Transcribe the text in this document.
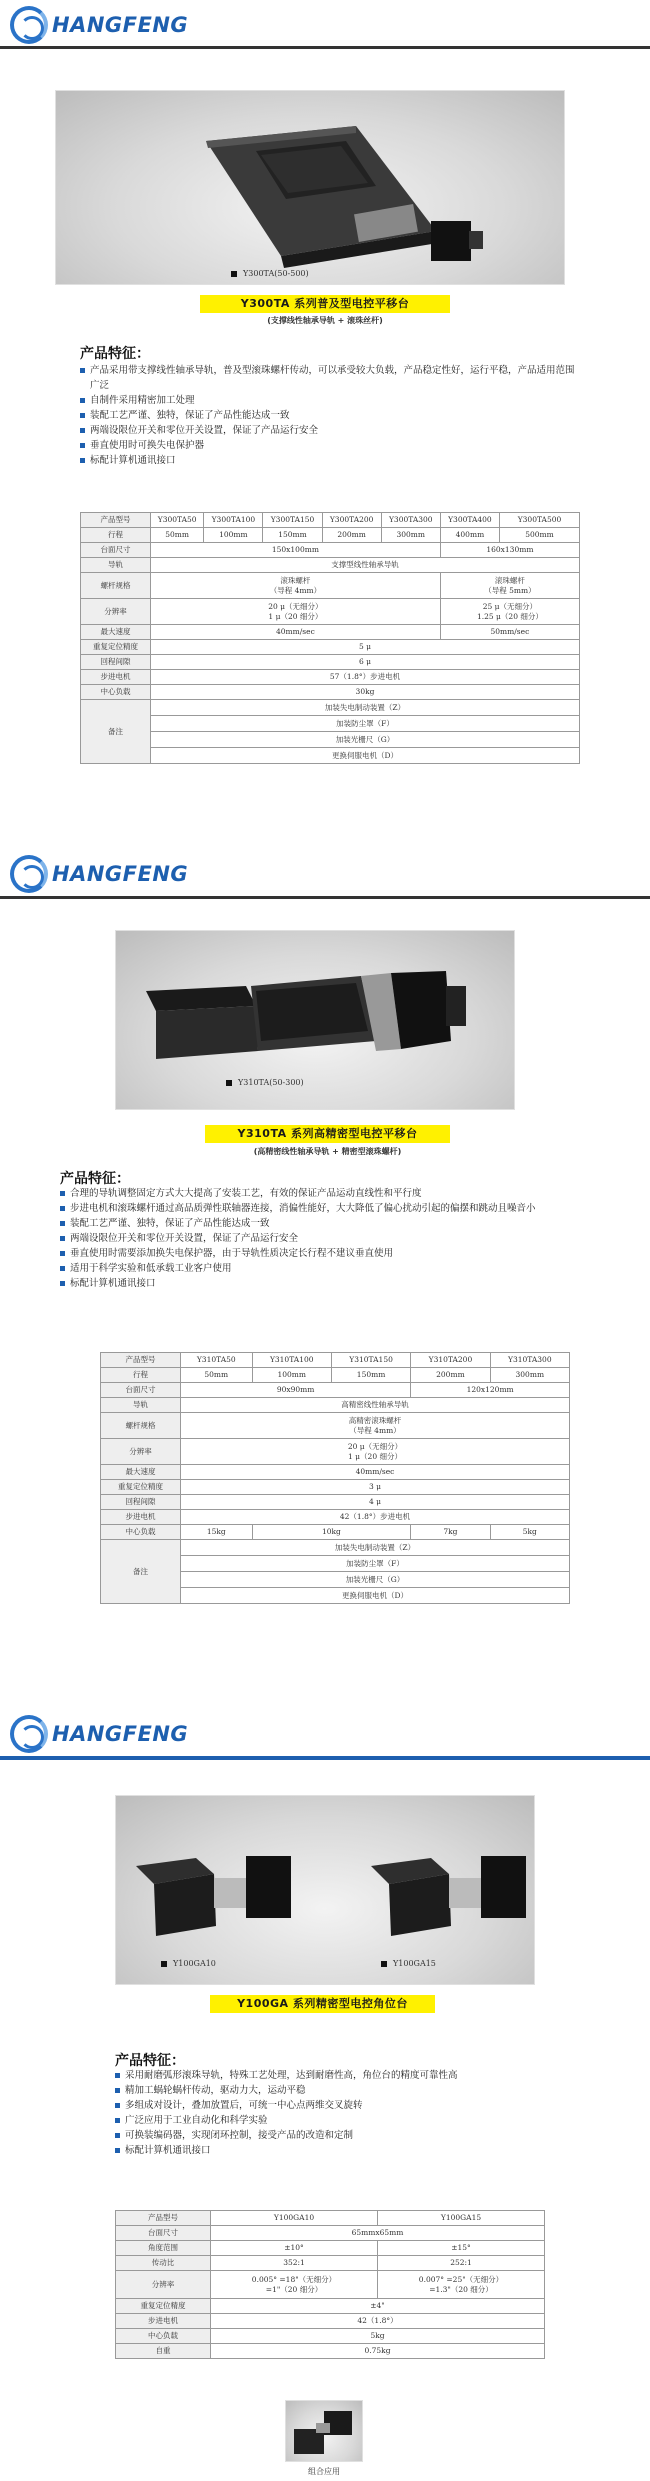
HANGFENG
Y300TA(50-500)
Y300TA 系列普及型电控平移台
(支撑线性轴承导轨 + 滚珠丝杆)
产品特征：
产品采用带支撑线性轴承导轨，普及型滚珠螺杆传动，可以承受较大负载，产品稳定性好，运行平稳，产品适用范围广泛
自制件采用精密加工处理
装配工艺严谨、独特，保证了产品性能达成一致
两端设限位开关和零位开关设置，保证了产品运行安全
垂直使用时可换失电保护器
标配计算机通讯接口
产品型号	Y300TA50	Y300TA100	Y300TA150	Y300TA200	Y300TA300	Y300TA400	Y300TA500
行程	50mm	100mm	150mm	200mm	300mm	400mm	500mm
台面尺寸	150x100mm					160x130mm	
导轨	支撑型线性轴承导轨						
螺杆规格	滚珠螺杆
（导程 4mm）					滚珠螺杆
（导程 5mm）	
分辨率	20 μ（无细分）
1 μ（20 细分）					25 μ（无细分）
1.25 μ（20 细分）	
最大速度	40mm/sec					50mm/sec	
重复定位精度	5 μ						
回程间隙	6 μ						
步进电机	57（1.8°）步进电机						
中心负载	30kg						
备注	加装失电制动装置（Z）						
	加装防尘罩（F）						
	加装光栅尺（G）						
	更换伺服电机（D）						
HANGFENG
Y310TA(50-300)
Y310TA 系列高精密型电控平移台
(高精密线性轴承导轨 + 精密型滚珠螺杆)
产品特征：
合理的导轨调整固定方式大大提高了安装工艺，有效的保证产品运动直线性和平行度
步进电机和滚珠螺杆通过高品质弹性联轴器连接，消偏性能好，大大降低了偏心扰动引起的偏摆和跳动且噪音小
装配工艺严谨、独特，保证了产品性能达成一致
两端设限位开关和零位开关设置，保证了产品运行安全
垂直使用时需要添加换失电保护器，由于导轨性质决定长行程不建议垂直使用
适用于科学实验和低承载工业客户使用
标配计算机通讯接口
产品型号	Y310TA50	Y310TA100	Y310TA150	Y310TA200	Y310TA300
行程	50mm	100mm	150mm	200mm	300mm
台面尺寸	90x90mm			120x120mm	
导轨	高精密线性轴承导轨				
螺杆规格	高精密滚珠螺杆
（导程 4mm）				
分辨率	20 μ（无细分）
1 μ（20 细分）				
最大速度	40mm/sec				
重复定位精度	3 μ				
回程间隙	4 μ				
步进电机	42（1.8°）步进电机				
中心负载	15kg	10kg		7kg	5kg
备注	加装失电制动装置（Z）				
	加装防尘罩（F）				
	加装光栅尺（G）				
	更换伺服电机（D）				
HANGFENG
Y100GA10	Y100GA15
Y100GA 系列精密型电控角位台
产品特征：
采用耐磨弧形滚珠导轨，特殊工艺处理，达到耐磨性高，角位台的精度可靠性高
精加工蜗轮蜗杆传动，驱动力大，运动平稳
多组成对设计，叠加放置后，可统一中心点两维交叉旋转
广泛应用于工业自动化和科学实验
可换装编码器，实现闭环控制，接受产品的改造和定制
标配计算机通讯接口
产品型号	Y100GA10	Y100GA15
台面尺寸	65mmx65mm	
角度范围	±10°	±15°
传动比	352:1	252:1
分辨率	0.005° =18"（无细分）
=1"（20 细分）	0.007° =25"（无细分）
=1.3"（20 细分）
重复定位精度	±4"	
步进电机	42（1.8°）	
中心负载	5kg	
自重	0.75kg	
组合应用
